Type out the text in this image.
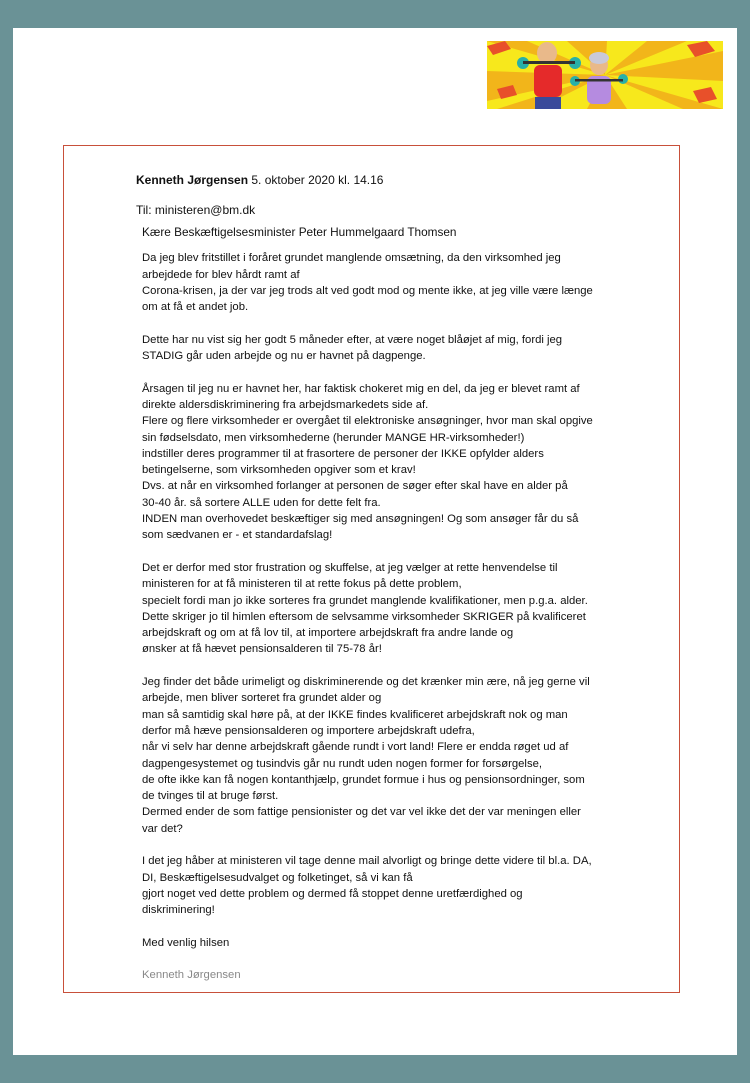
Kenneth Jørgensen 5. oktober 2020 kl. 14.16
Til: ministeren@bm.dk

Kære Beskæftigelsesminister Peter Hummelgaard Thomsen

Da jeg blev fritstillet i foråret grundet manglende omsætning, da den virksomhed jeg
arbejdede for blev hårdt ramt af
Corona-krisen, ja der var jeg trods alt ved godt mod og mente ikke, at jeg ville være længe
om at få et andet job.

Dette har nu vist sig her godt 5 måneder efter, at være noget blåøjet af mig, fordi jeg
STADIG går uden arbejde og nu er havnet på dagpenge.

Årsagen til jeg nu er havnet her, har faktisk chokeret mig en del, da jeg er blevet ramt af
direkte aldersdiskriminering fra arbejdsmarkedets side af.
Flere og flere virksomheder er overgået til elektroniske ansøgninger, hvor man skal opgive
sin fødselsdato, men virksomhederne (herunder MANGE HR-virksomheder!)
indstiller deres programmer til at frasortere de personer der IKKE opfylder alders
betingelserne, som virksomheden opgiver som et krav!
Dvs. at når en virksomhed forlanger at personen de søger efter skal have en alder på
30-40 år. så sortere ALLE uden for dette felt fra.
INDEN man overhovedet beskæftiger sig med ansøgningen! Og som ansøger får du så
som sædvanen er - et standardafslag!

Det er derfor med stor frustration og skuffelse, at jeg vælger at rette henvendelse til
ministeren for at få ministeren til at rette fokus på dette problem,
specielt fordi man jo ikke sorteres fra grundet manglende kvalifikationer, men p.g.a. alder.
Dette skriger jo til himlen eftersom de selvsamme virksomheder SKRIGER på kvalificeret
arbejdskraft og om at få lov til, at importere arbejdskraft fra andre lande og
ønsker at få hævet pensionsalderen til 75-78 år!

Jeg finder det både urimeligt og diskriminerende og det krænker min ære, nå jeg gerne vil
arbejde, men bliver sorteret fra grundet alder og
man så samtidig skal høre på, at der IKKE findes kvalificeret arbejdskraft nok og man
derfor må hæve pensionsalderen og importere arbejdskraft udefra,
når vi selv har denne arbejdskraft gående rundt i vort land! Flere er endda røget ud af
dagpengesystemet og tusindvis går nu rundt uden nogen former for forsørgelse,
de ofte ikke kan få nogen kontanthjælp, grundet formue i hus og pensionsordninger, som
de tvinges til at bruge først.
Dermed ender de som fattige pensionister og det var vel ikke det der var meningen eller
var det?

I det jeg håber at ministeren vil tage denne mail alvorligt og bringe dette videre til bl.a. DA,
DI, Beskæftigelsesudvalget og folketinget, så vi kan få
gjort noget ved dette problem og dermed få stoppet denne uretfærdighed og
diskriminering!

Med venlig hilsen

Kenneth Jørgensen
